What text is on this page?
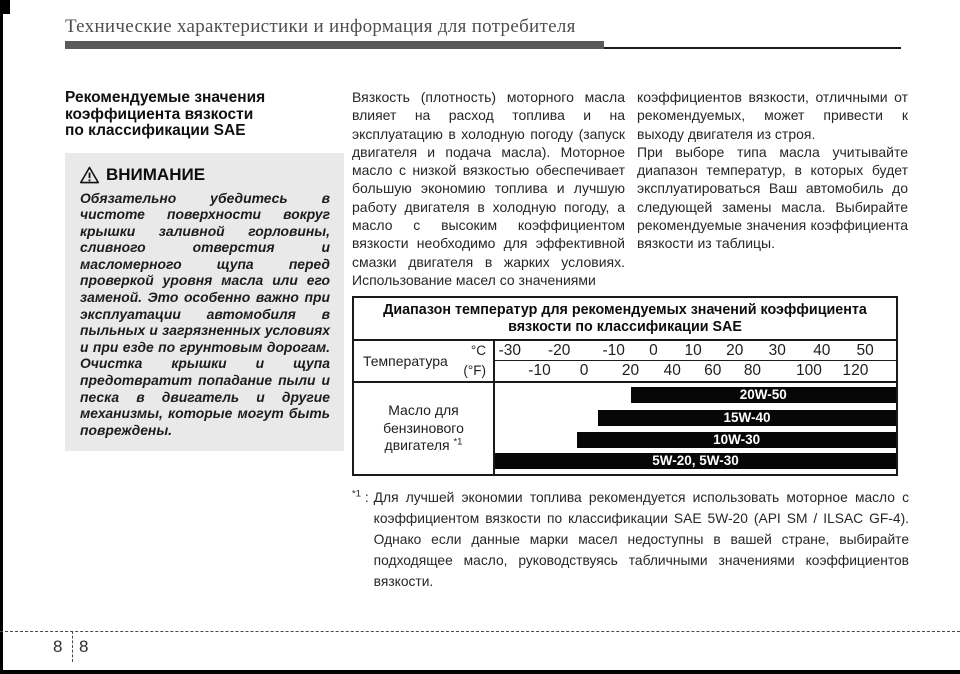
Технические характеристики и информация для потребителя
Рекомендуемые значения
коэффициента вязкости
по классификации SAE
ВНИМАНИЕ
Обязательно убедитесь в чистоте поверхности вокруг крышки заливной горловины, сливного отверстия и масломерного щупа перед проверкой уровня масла или его заменой. Это особенно важно при эксплуатации автомобиля в пыльных и загрязненных условиях и при езде по грунтовым дорогам. Очистка крышки и щупа предотвратит попадание пыли и песка в двигатель и другие механизмы, которые могут быть повреждены.

Вязкость (плотность) моторного масла влияет на расход топлива и на эксплуатацию в холодную погоду (запуск двигателя и подача масла). Моторное масло с низкой вязкостью обеспечивает большую экономию топлива и лучшую работу двигателя в холодную погоду, а масло с высоким коэффициентом вязкости необходимо для эффективной смазки двигателя в жарких условиях. Использование масел со значениями

коэффициентов вязкости, отличными от рекомендуемых, может привести к выходу двигателя из строя.

При выборе типа масла учитывайте диапазон температур, в которых будет эксплуатироваться Ваш автомобиль до следующей замены масла. Выбирайте рекомендуемые значения коэффициента вязкости из таблицы.

Диапазон температур для рекомендуемых значений коэффициента вязкости по классификации SAE
Температура
°C
(°F)
-30 -20 -10 0 10 20 30 40 50
-10 0 20 40 60 80 100 120
Масло для бензинового двигателя $^{*1}$
20W-50
15W-40
10W-30
5W-20, 5W-30
$^{*1}$ : Для лучшей экономии топлива рекомендуется использовать моторное масло с коэффициентом вязкости по классификации SAE 5W-20 (API SM / ILSAC GF-4). Однако если данные марки масел недоступны в вашей стране, выбирайте подходящее масло, руководствуясь табличными значениями коэффициентов вязкости.
8 8
